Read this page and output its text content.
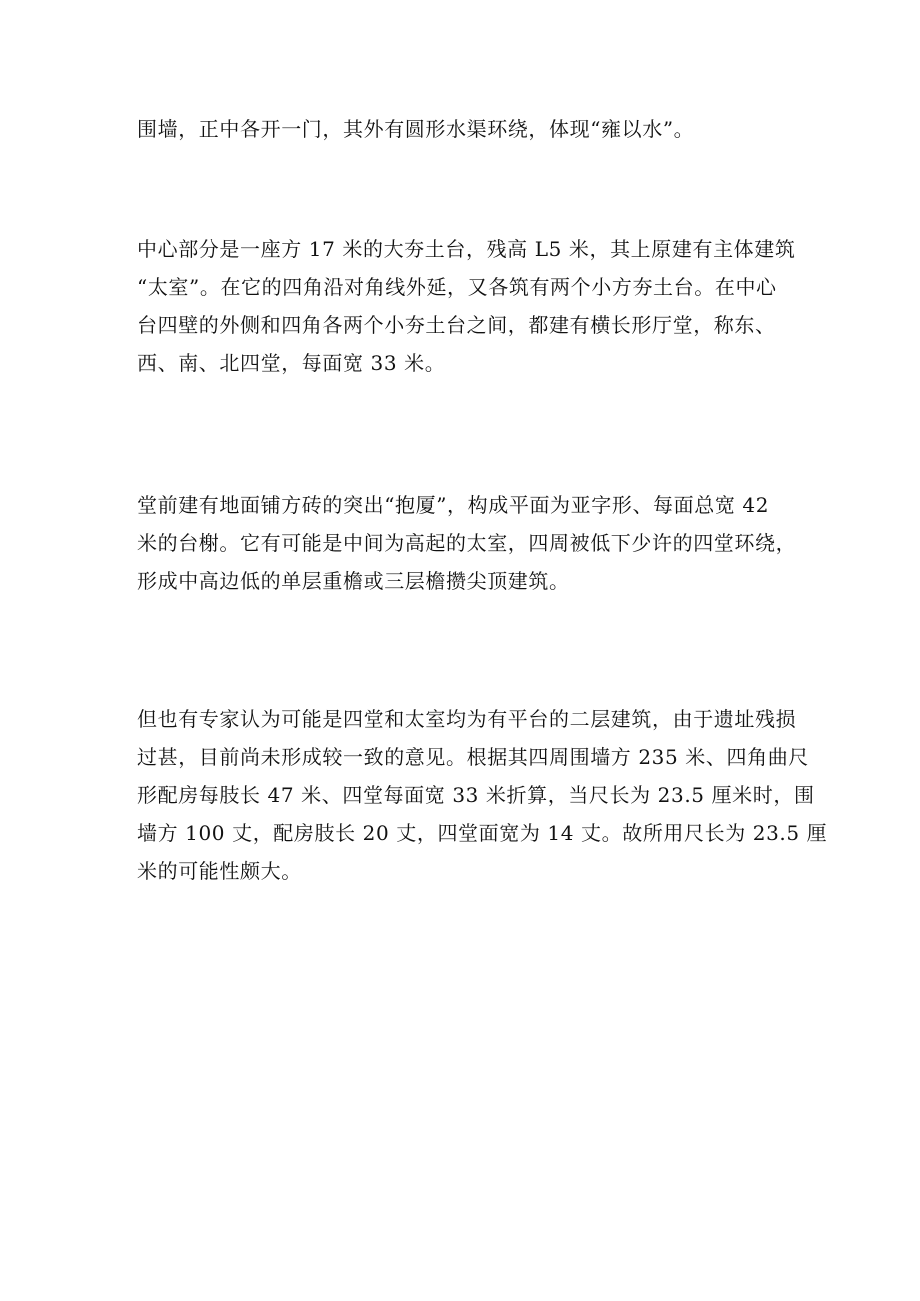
围墙，正中各开一门，其外有圆形水渠环绕，体现“雍以水”。

中心部分是一座方 17 米的大夯土台，残高 L5 米，其上原建有主体建筑
“太室”。在它的四角沿对角线外延，又各筑有两个小方夯土台。在中心
台四壁的外侧和四角各两个小夯土台之间，都建有横长形厅堂，称东、
西、南、北四堂，每面宽 33 米。

堂前建有地面铺方砖的突出“抱厦”，构成平面为亚字形、每面总宽 42
米的台榭。它有可能是中间为高起的太室，四周被低下少许的四堂环绕，
形成中高边低的单层重檐或三层檐攒尖顶建筑。

但也有专家认为可能是四堂和太室均为有平台的二层建筑，由于遗址残损
过甚，目前尚未形成较一致的意见。根据其四周围墙方 235 米、四角曲尺
形配房每肢长 47 米、四堂每面宽 33 米折算，当尺长为 23.5 厘米时，围
墙方 100 丈，配房肢长 20 丈，四堂面宽为 14 丈。故所用尺长为 23.5 厘
米的可能性颇大。
